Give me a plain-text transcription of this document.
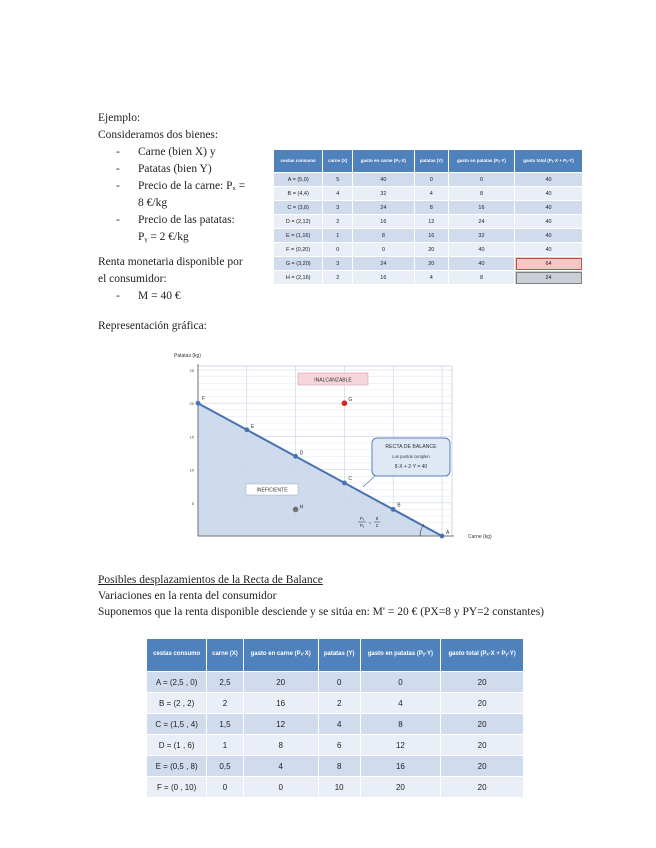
Ejemplo:
Consideramos dos bienes:
- Carne (bien X) y
- Patatas (bien Y)
- Precio de la carne: Pₓ =
8 €/kg
- Precio de las patatas:
Pᵧ = 2 €/kg
Renta monetaria disponible por
el consumidor:
- M = 40 €
cestas consumo	carne (X)	gasto en carne (Pₓ·X)	patatas (Y)	gasto en patatas (Pᵧ·Y)	gasto total (Pₓ·X + Pᵧ·Y)
A = (5,0)	5	40	0	0	40
B = (4,4)	4	32	4	8	40
C = (3,8)	3	24	8	16	40
D = (2,12)	2	16	12	24	40
E = (1,16)	1	8	16	32	40
F = (0,20)	0	0	20	40	40
G = (3,20)	3	24	20	40	64
H = (2,16)	2	16	4	8	24
Representación gráfica:
25
20
15
10
5
Patatas (kg)
Carne (kg)
F
E
D
C
B
A
G
H
INALCANZABLE
INEFICIENTE
RECTA DE BALANCE
Los puntos cumplen
8·X + 2·Y = 40
Pₓ
Pᵧ
=
8
2
Posibles desplazamientos de la Recta de Balance
Variaciones en la renta del consumidor
Suponemos que la renta disponible desciende y se sitúa en: M' = 20 € (PX=8 y PY=2 constantes)
cestas consumo	carne (X)	gasto en carne (Pₓ·X)	patatas (Y)	gasto en patatas (Pᵧ·Y)	gasto total (Pₓ·X + Pᵧ·Y)
A = (2,5 , 0)	2,5	20	0	0	20
B = (2 , 2)	2	16	2	4	20
C = (1,5 , 4)	1,5	12	4	8	20
D = (1 , 6)	1	8	6	12	20
E = (0,5 , 8)	0,5	4	8	16	20
F = (0 , 10)	0	0	10	20	20
